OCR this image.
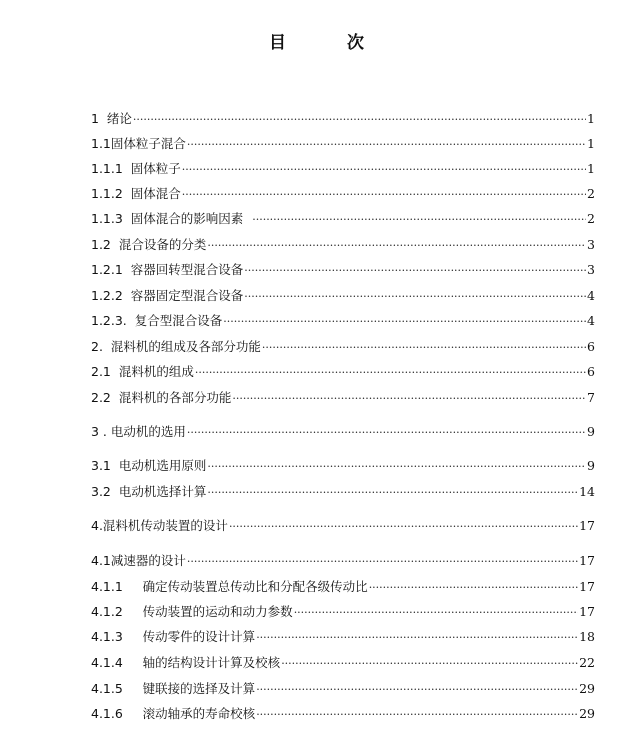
目　次
1  绪论 ·····	1
1.1固体粒子混合 ·····	1
1.1.1  固体粒子 ·····	1
1.1.2  固体混合 ·····	2
1.1.3  固体混合的影响因素 ·····	2
1.2  混合设备的分类 ·····	3
1.2.1  容器回转型混合设备 ·····	3
1.2.2  容器固定型混合设备 ·····	4
1.2.3.  复合型混合设备 ·····	4
2.  混料机的组成及各部分功能 ·····	6
2.1  混料机的组成 ·····	6
2.2  混料机的各部分功能 ·····	7
3 . 电动机的选用 ·····	9
3.1  电动机选用原则 ·····	9
3.2  电动机选择计算 ·····	14
4.混料机传动装置的设计 ·····	17
4.1减速器的设计 ·····	17
4.1.1     确定传动装置总传动比和分配各级传动比 ·····	17
4.1.2     传动装置的运动和动力参数 ·····	17
4.1.3     传动零件的设计计算 ·····	18
4.1.4     轴的结构设计计算及校核 ·····	22
4.1.5     键联接的选择及计算 ·····	29
4.1.6     滚动轴承的寿命校核 ·····	29
